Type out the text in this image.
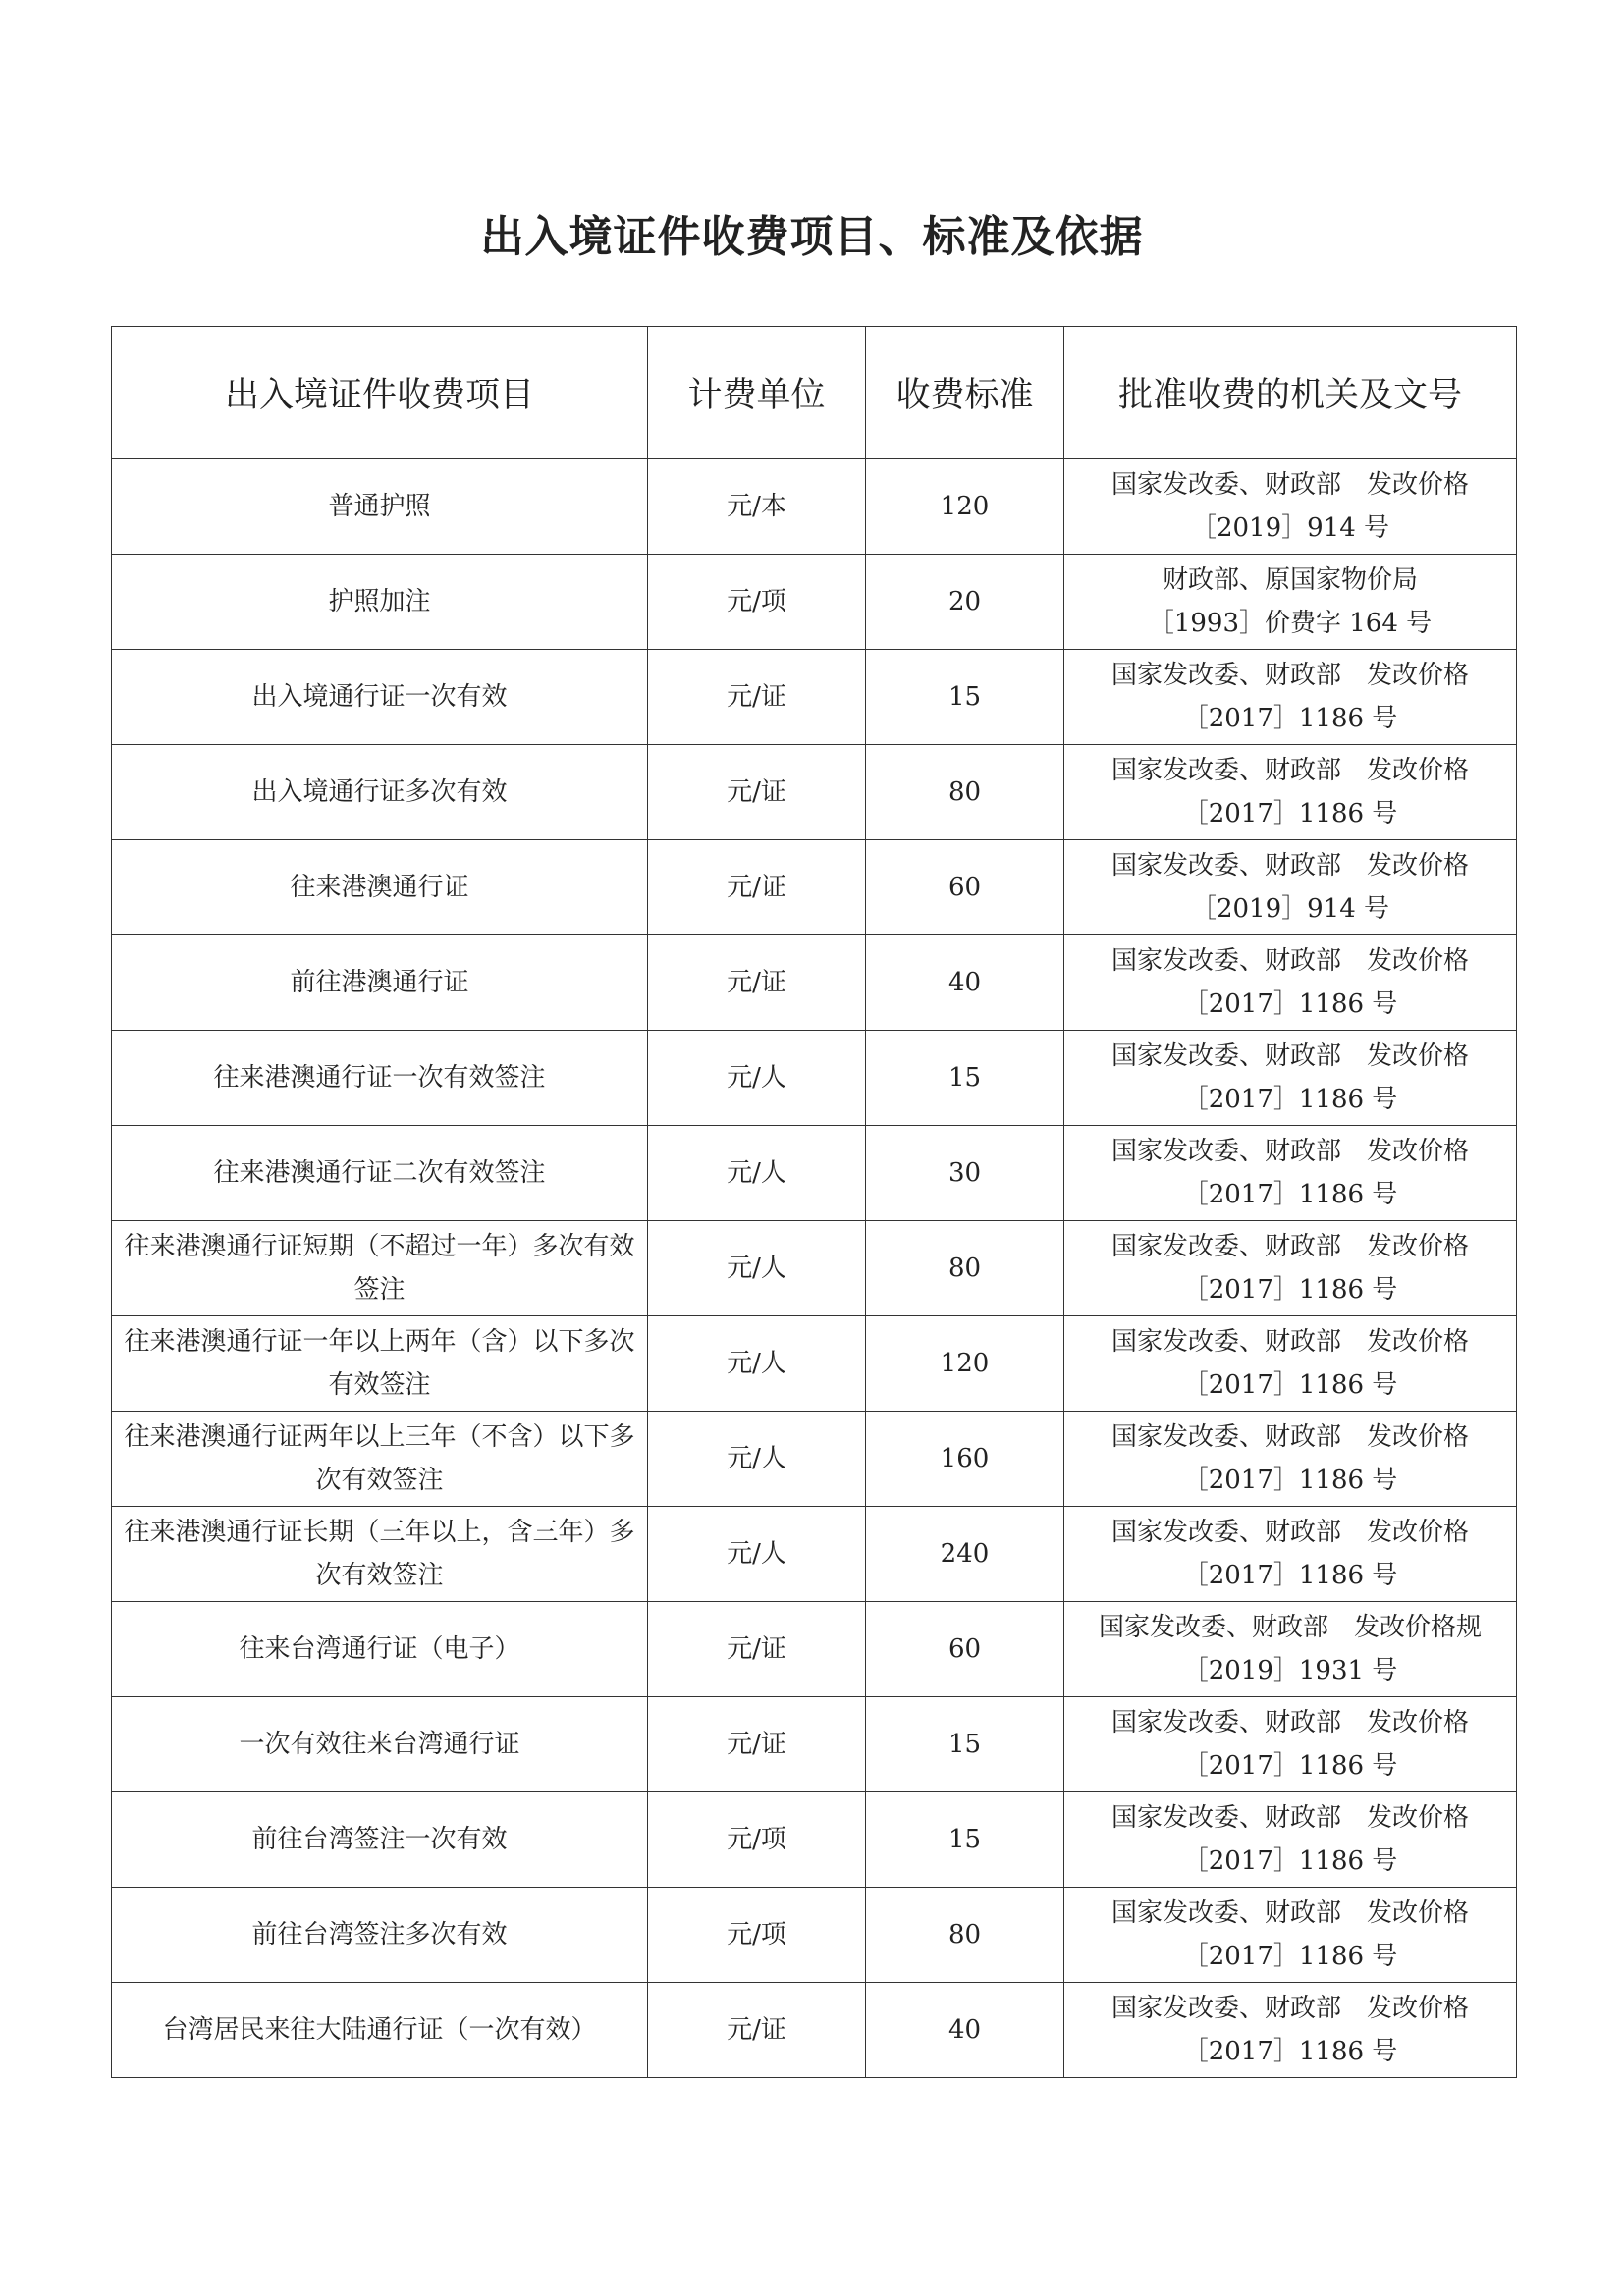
出入境证件收费项目、标准及依据
出入境证件收费项目	计费单位	收费标准	批准收费的机关及文号
普通护照	元/本	120	国家发改委、财政部　发改价格
［2019］914 号

护照加注	元/项	20	财政部、原国家物价局
［1993］价费字 164 号

出入境通行证一次有效	元/证	15	国家发改委、财政部　发改价格
［2017］1186 号

出入境通行证多次有效	元/证	80	国家发改委、财政部　发改价格
［2017］1186 号

往来港澳通行证	元/证	60	国家发改委、财政部　发改价格
［2019］914 号

前往港澳通行证	元/证	40	国家发改委、财政部　发改价格
［2017］1186 号

往来港澳通行证一次有效签注	元/人	15	国家发改委、财政部　发改价格
［2017］1186 号

往来港澳通行证二次有效签注	元/人	30	国家发改委、财政部　发改价格
［2017］1186 号

往来港澳通行证短期（不超过一年）多次有效签注	元/人	80	国家发改委、财政部　发改价格
［2017］1186 号

往来港澳通行证一年以上两年（含）以下多次有效签注	元/人	120	国家发改委、财政部　发改价格
［2017］1186 号

往来港澳通行证两年以上三年（不含）以下多次有效签注	元/人	160	国家发改委、财政部　发改价格
［2017］1186 号

往来港澳通行证长期（三年以上，含三年）多次有效签注	元/人	240	国家发改委、财政部　发改价格
［2017］1186 号

往来台湾通行证（电子）	元/证	60	国家发改委、财政部　发改价格规
［2019］1931 号

一次有效往来台湾通行证	元/证	15	国家发改委、财政部　发改价格
［2017］1186 号

前往台湾签注一次有效	元/项	15	国家发改委、财政部　发改价格
［2017］1186 号

前往台湾签注多次有效	元/项	80	国家发改委、财政部　发改价格
［2017］1186 号

台湾居民来往大陆通行证（一次有效）	元/证	40	国家发改委、财政部　发改价格
［2017］1186 号
